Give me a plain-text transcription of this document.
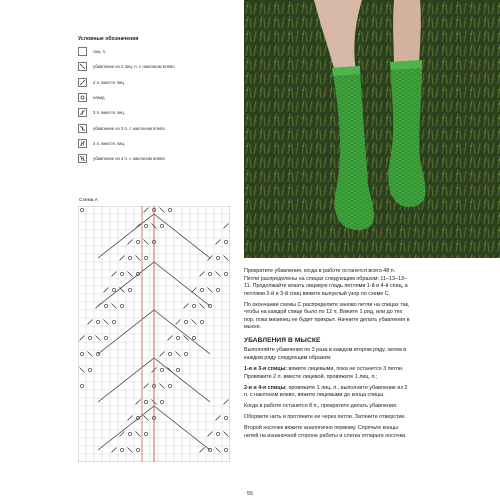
Условные обозначения
лиц. п.
убавление из 2 лиц. п. с наклоном влево
2 п. вместе лиц.
накид
3 п. вместе лиц.
убавление из 3 п. с наклоном влево
4 п. вместе лиц.
убавление из 4 п. с наклоном влево
Схема А

Прекратите убавления, когда в работе останется всего 48 п. Петли распределены на спицах следующим образом: 11–13–13–11. Продолжайте вязать лицевую гладь петлями 1-й и 4-й спиц, а петлями 2-й и 3-й спиц вяжите выпуклый узор по схеме С.

По окончании схемы С распределите заново петли на спицах так, чтобы на каждой спице было по 12 п. Вяжите 1 ряд, или до тех пор, пока мизинец не будет прикрыт. Начните делать убавления в мыске.

УБАВЛЕНИЯ В МЫСКЕ

Выполняйте убавления по 3 раза в каждом втором ряду, затем в каждом ряду следующим образом:

1-я и 3-я спицы: вяжите лицевыми, пока не останется 3 петли. Провяжите 2 п. вместе лицевой, провяжите 1 лиц. п.;

2-я и 4-я спицы: провяжите 1 лиц. п., выполните убавление из 2 п. с наклоном влево, вяжите лицевыми до конца спицы.

Когда в работе останется 8 п., прекратите делать убавления.

Оборвите нить и протяните ее через петли. Затяните отверстие.

Второй носочек вяжите аналогично первому. Спрячьте концы нитей на изнаночной стороне работы и слегка отпарьте носочки.

55
